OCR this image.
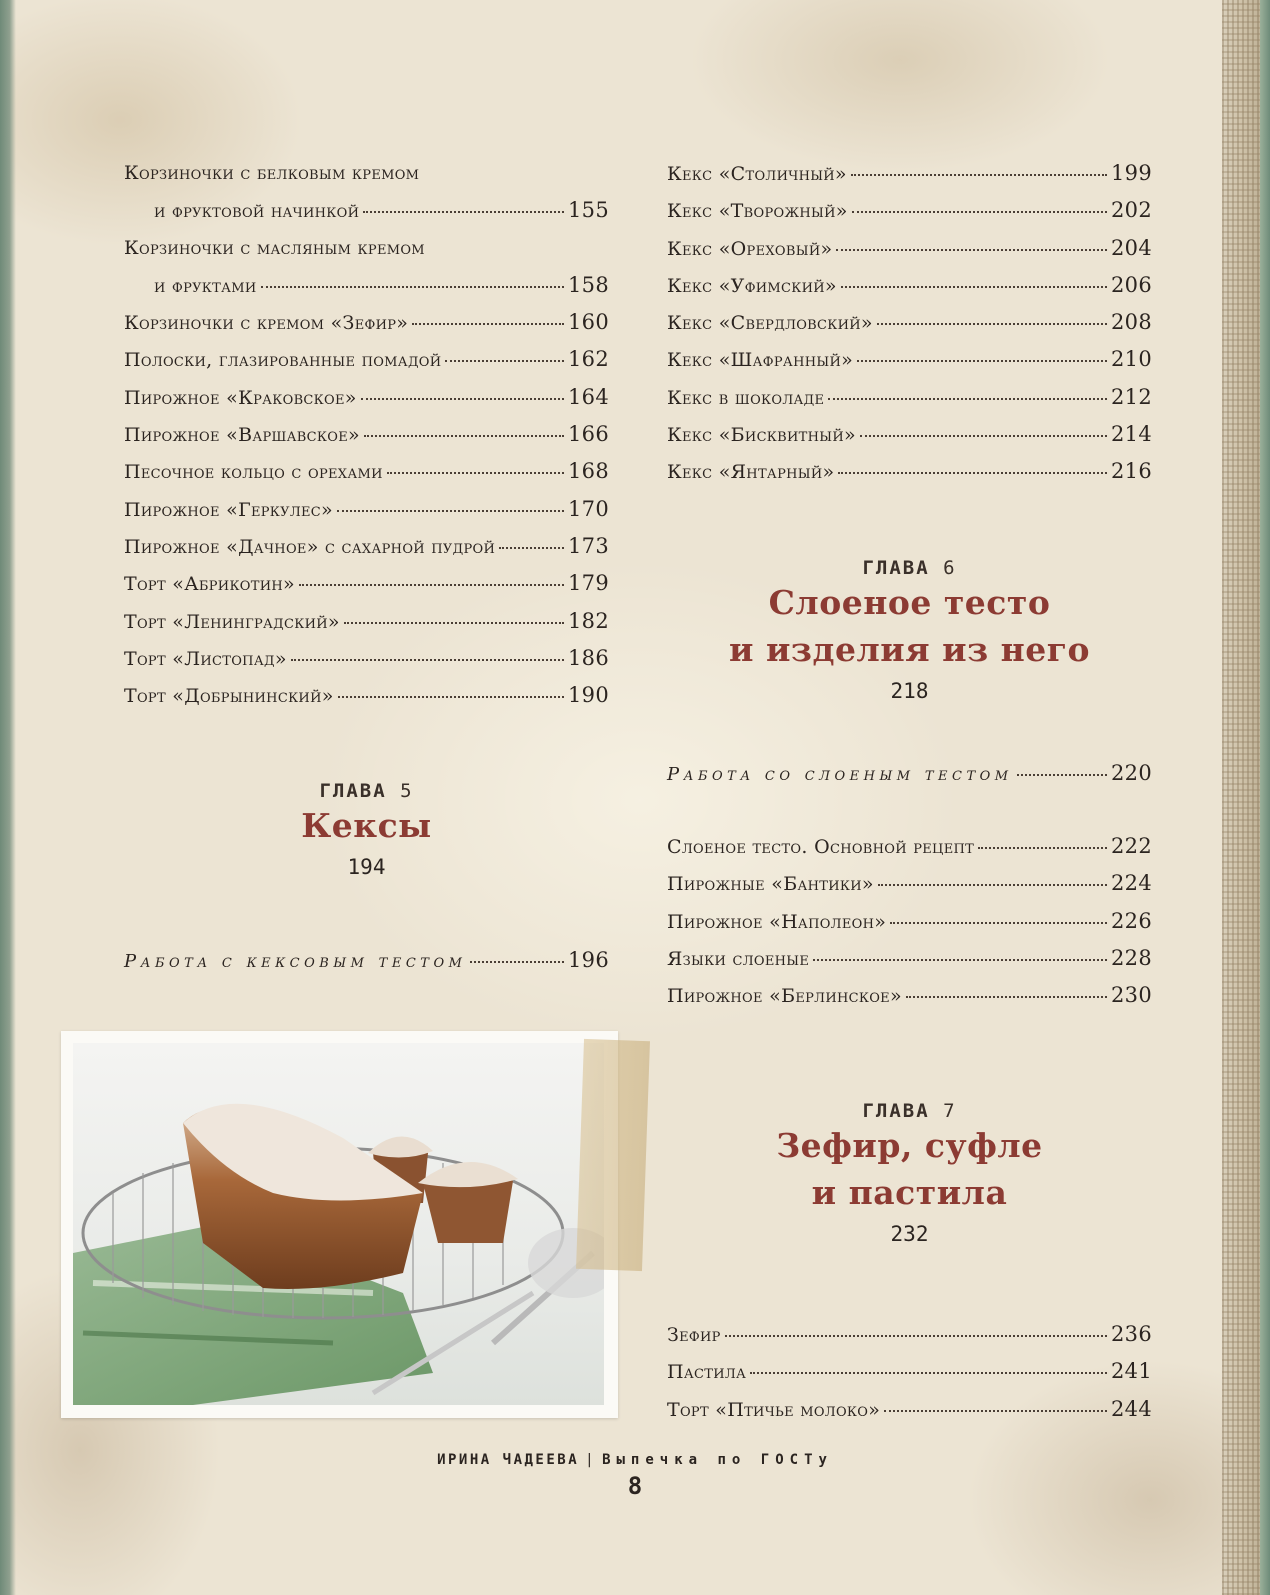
Корзиночки с белковым кремом
и фруктовой начинкой	155
Корзиночки с масляным кремом
и фруктами	158
Корзиночки с кремом «Зефир»	160
Полоски, глазированные помадой	162
Пирожное «Краковское»	164
Пирожное «Варшавское»	166
Песочное кольцо с орехами	168
Пирожное «Геркулес»	170
Пирожное «Дачное» с сахарной пудрой	173
Торт «Абрикотин»	179
Торт «Ленинградский»	182
Торт «Листопад»	186
Торт «Добрынинский»	190
ГЛАВА 5
Кексы
194
Работа с кексовым тестом	196
Кекс «Столичный»	199
Кекс «Творожный»	202
Кекс «Ореховый»	204
Кекс «Уфимский»	206
Кекс «Свердловский»	208
Кекс «Шафранный»	210
Кекс в шоколаде	212
Кекс «Бисквитный»	214
Кекс «Янтарный»	216
ГЛАВА 6
Слоеное тесто
и изделия из него
218
Работа со слоеным тестом	220
Слоеное тесто. Основной рецепт	222
Пирожные «Бантики»	224
Пирожное «Наполеон»	226
Языки слоеные	228
Пирожное «Берлинское»	230
ГЛАВА 7
Зефир, суфле
и пастила
232
Зефир	236
Пастила	241
Торт «Птичье молоко»	244
ИРИНА ЧАДЕЕВА | Выпечка по ГОСТу
8
